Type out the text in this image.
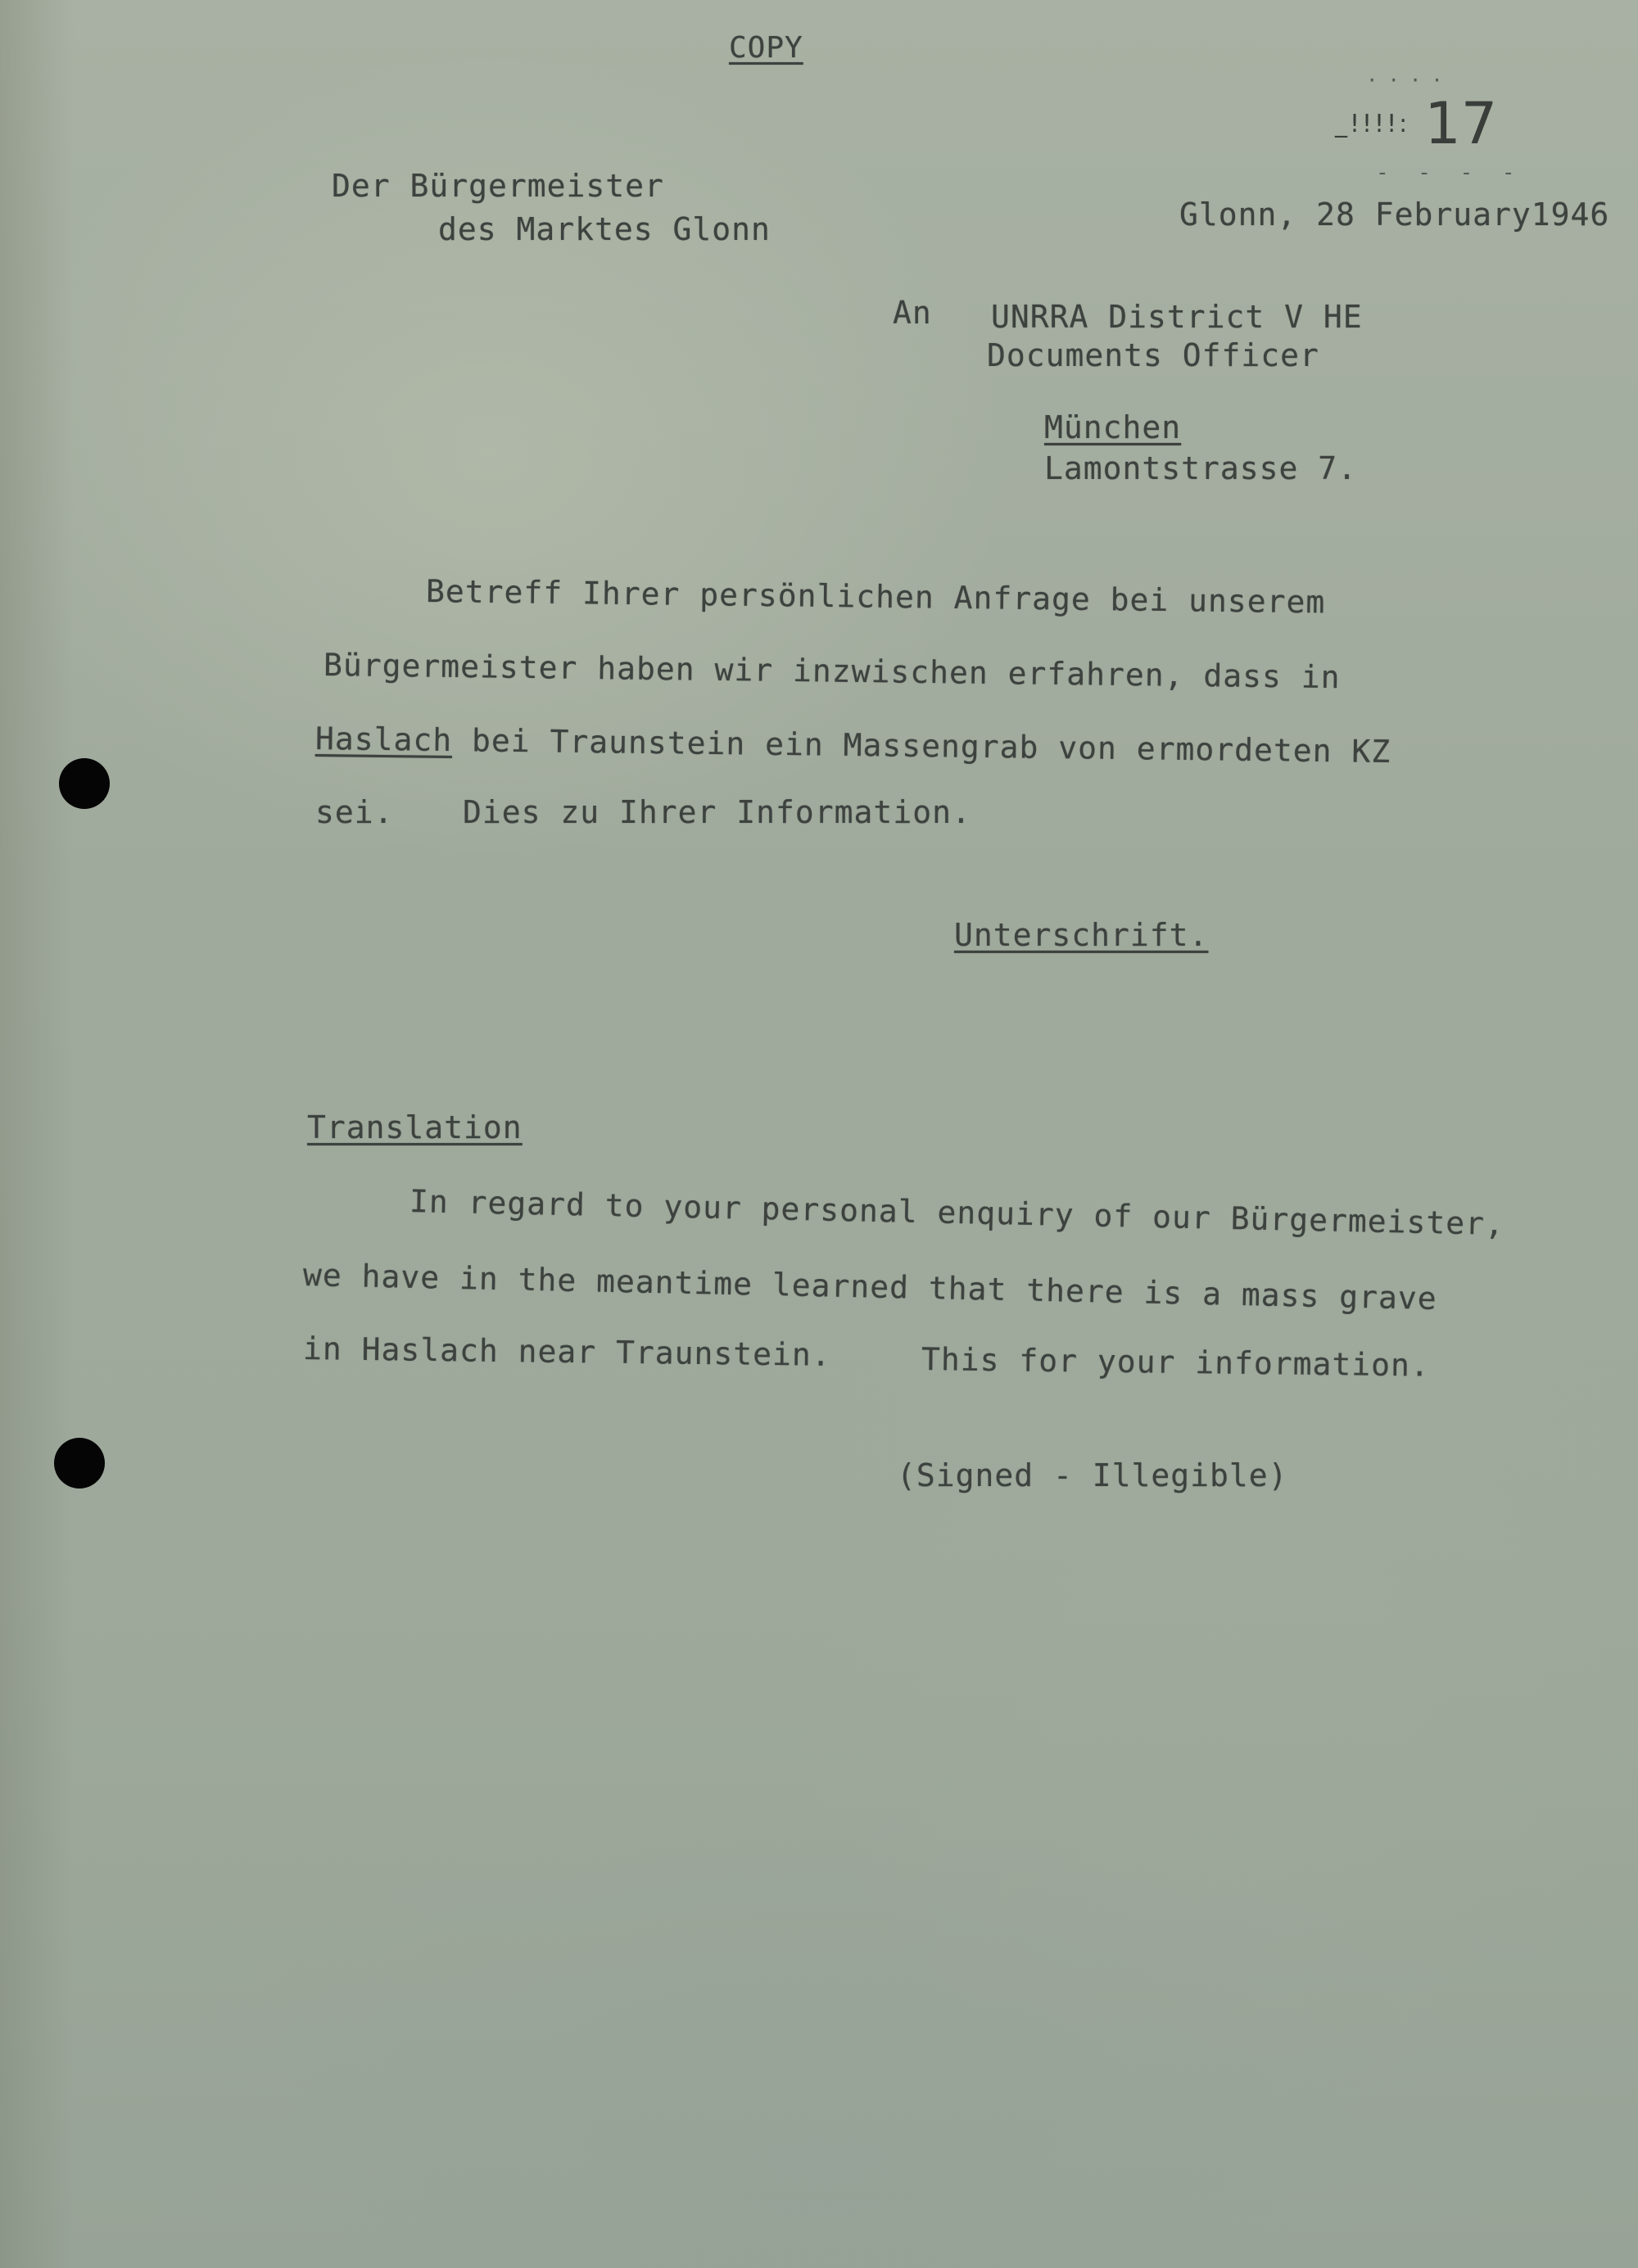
COPY
····
_!!!!: 17
- - - -
Der Bürgermeister
des Marktes Glonn	Glonn, 28 February1946
An UNRRA District V HE
Documents Officer
München
Lamontstrasse 7.
Betreff Ihrer persönlichen Anfrage bei unserem
Bürgermeister haben wir inzwischen erfahren, dass in
Haslach bei Traunstein ein Massengrab von ermordeten KZ
sei. Dies zu Ihrer Information.
Unterschrift.
Translation
In regard to your personal enquiry of our Bürgermeister,
we have in the meantime learned that there is a mass grave
in Haslach near Traunstein.	This for your information.
(Signed - Illegible)
